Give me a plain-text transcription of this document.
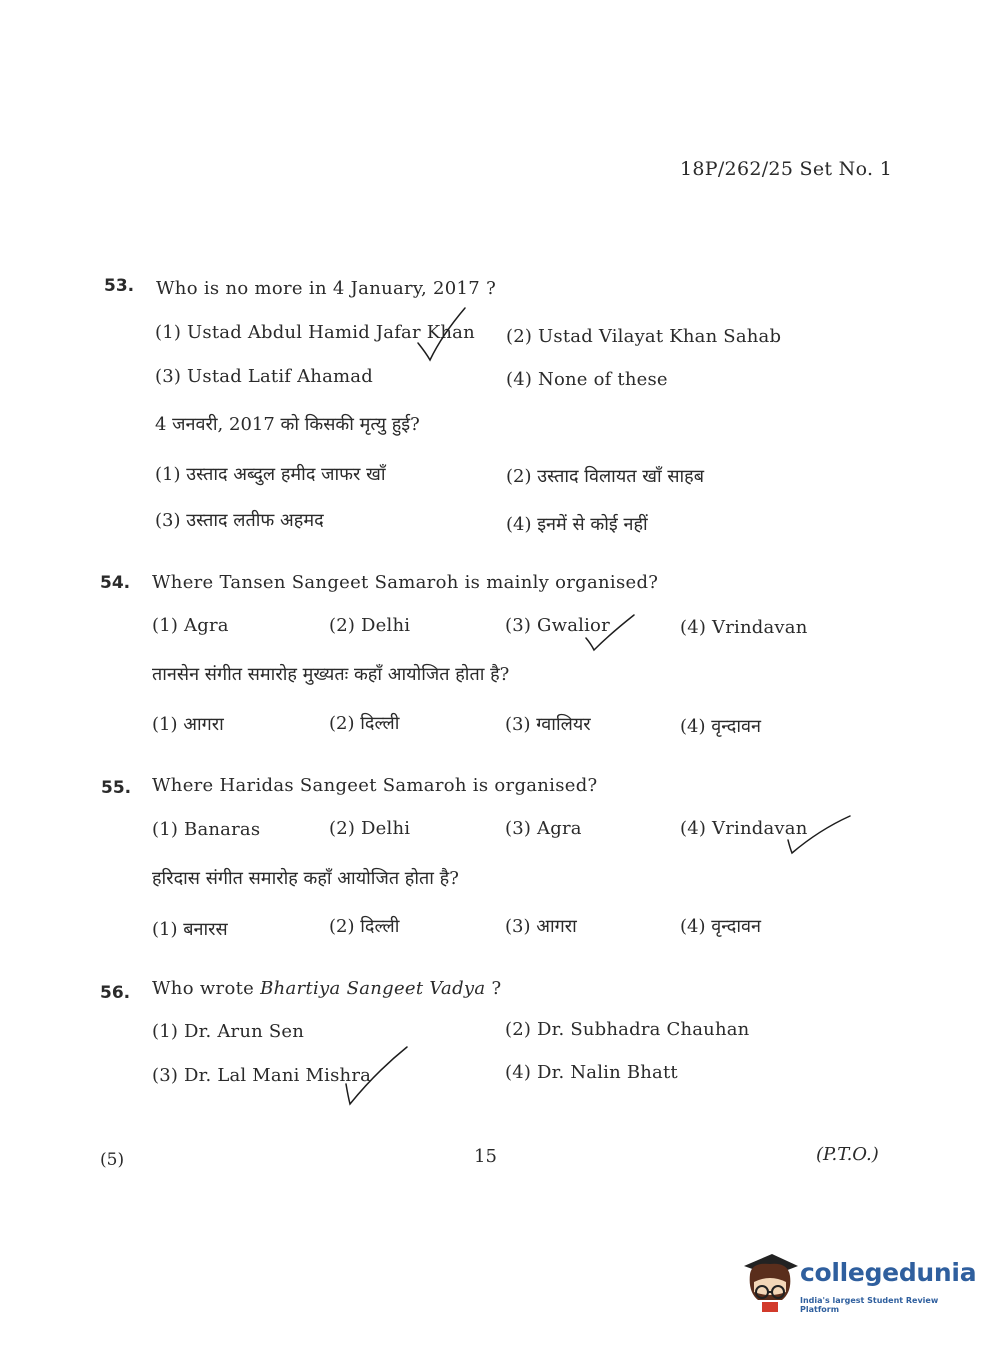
18P/262/25 Set No. 1
53. Who is no more in 4 January, 2017 ?
(1) Ustad Abdul Hamid Jafar Khan (2) Ustad Vilayat Khan Sahab
(3) Ustad Latif Ahamad	(4) None of these
4 जनवरी, 2017 को किसकी मृत्यु हुई?
(1) उस्ताद अब्दुल हमीद जाफर खाँ	(2) उस्ताद विलायत खाँ साहब
(3) उस्ताद लतीफ अहमद	(4) इनमें से कोई नहीं
54. Where Tansen Sangeet Samaroh is mainly organised?
(1) Agra	(2) Delhi	(3) Gwalior	(4) Vrindavan
तानसेन संगीत समारोह मुख्यतः कहाँ आयोजित होता है?
(1) आगरा	(2) दिल्ली	(3) ग्वालियर	(4) वृन्दावन
55. Where Haridas Sangeet Samaroh is organised?
(1) Banaras	(2) Delhi	(3) Agra	(4) Vrindavan
हरिदास संगीत समारोह कहाँ आयोजित होता है?
(1) बनारस	(2) दिल्ली	(3) आगरा	(4) वृन्दावन
56. Who wrote Bhartiya Sangeet Vadya ?
(1) Dr. Arun Sen	(2) Dr. Subhadra Chauhan
(3) Dr. Lal Mani Mishra	(4) Dr. Nalin Bhatt
(5)	15	(P.T.O.)
collegedunia
India's largest Student Review Platform
